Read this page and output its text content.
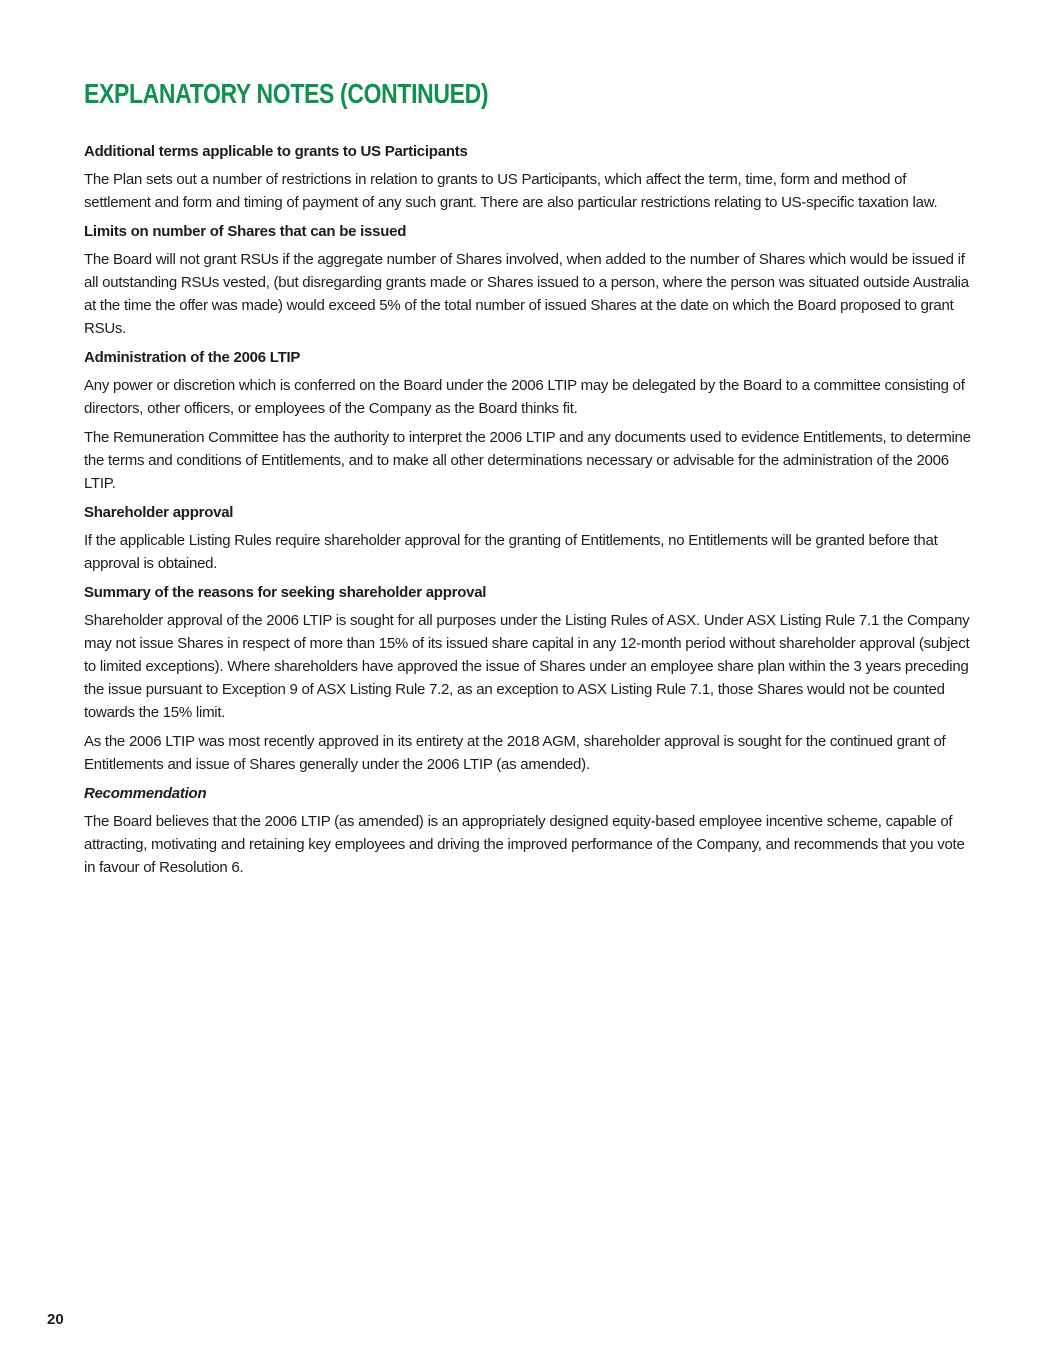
EXPLANATORY NOTES (CONTINUED)
Additional terms applicable to grants to US Participants

The Plan sets out a number of restrictions in relation to grants to US Participants, which affect the term, time, form and method of settlement and form and timing of payment of any such grant. There are also particular restrictions relating to US-specific taxation law.

Limits on number of Shares that can be issued

The Board will not grant RSUs if the aggregate number of Shares involved, when added to the number of Shares which would be issued if all outstanding RSUs vested, (but disregarding grants made or Shares issued to a person, where the person was situated outside Australia at the time the offer was made) would exceed 5% of the total number of issued Shares at the date on which the Board proposed to grant RSUs.

Administration of the 2006 LTIP

Any power or discretion which is conferred on the Board under the 2006 LTIP may be delegated by the Board to a committee consisting of directors, other officers, or employees of the Company as the Board thinks fit.

The Remuneration Committee has the authority to interpret the 2006 LTIP and any documents used to evidence Entitlements, to determine the terms and conditions of Entitlements, and to make all other determinations necessary or advisable for the administration of the 2006 LTIP.

Shareholder approval

If the applicable Listing Rules require shareholder approval for the granting of Entitlements, no Entitlements will be granted before that approval is obtained.

Summary of the reasons for seeking shareholder approval

Shareholder approval of the 2006 LTIP is sought for all purposes under the Listing Rules of ASX. Under ASX Listing Rule 7.1 the Company may not issue Shares in respect of more than 15% of its issued share capital in any 12-month period without shareholder approval (subject to limited exceptions). Where shareholders have approved the issue of Shares under an employee share plan within the 3 years preceding the issue pursuant to Exception 9 of ASX Listing Rule 7.2, as an exception to ASX Listing Rule 7.1, those Shares would not be counted towards the 15% limit.

As the 2006 LTIP was most recently approved in its entirety at the 2018 AGM, shareholder approval is sought for the continued grant of Entitlements and issue of Shares generally under the 2006 LTIP (as amended).

Recommendation

The Board believes that the 2006 LTIP (as amended) is an appropriately designed equity-based employee incentive scheme, capable of attracting, motivating and retaining key employees and driving the improved performance of the Company, and recommends that you vote in favour of Resolution 6.

20
